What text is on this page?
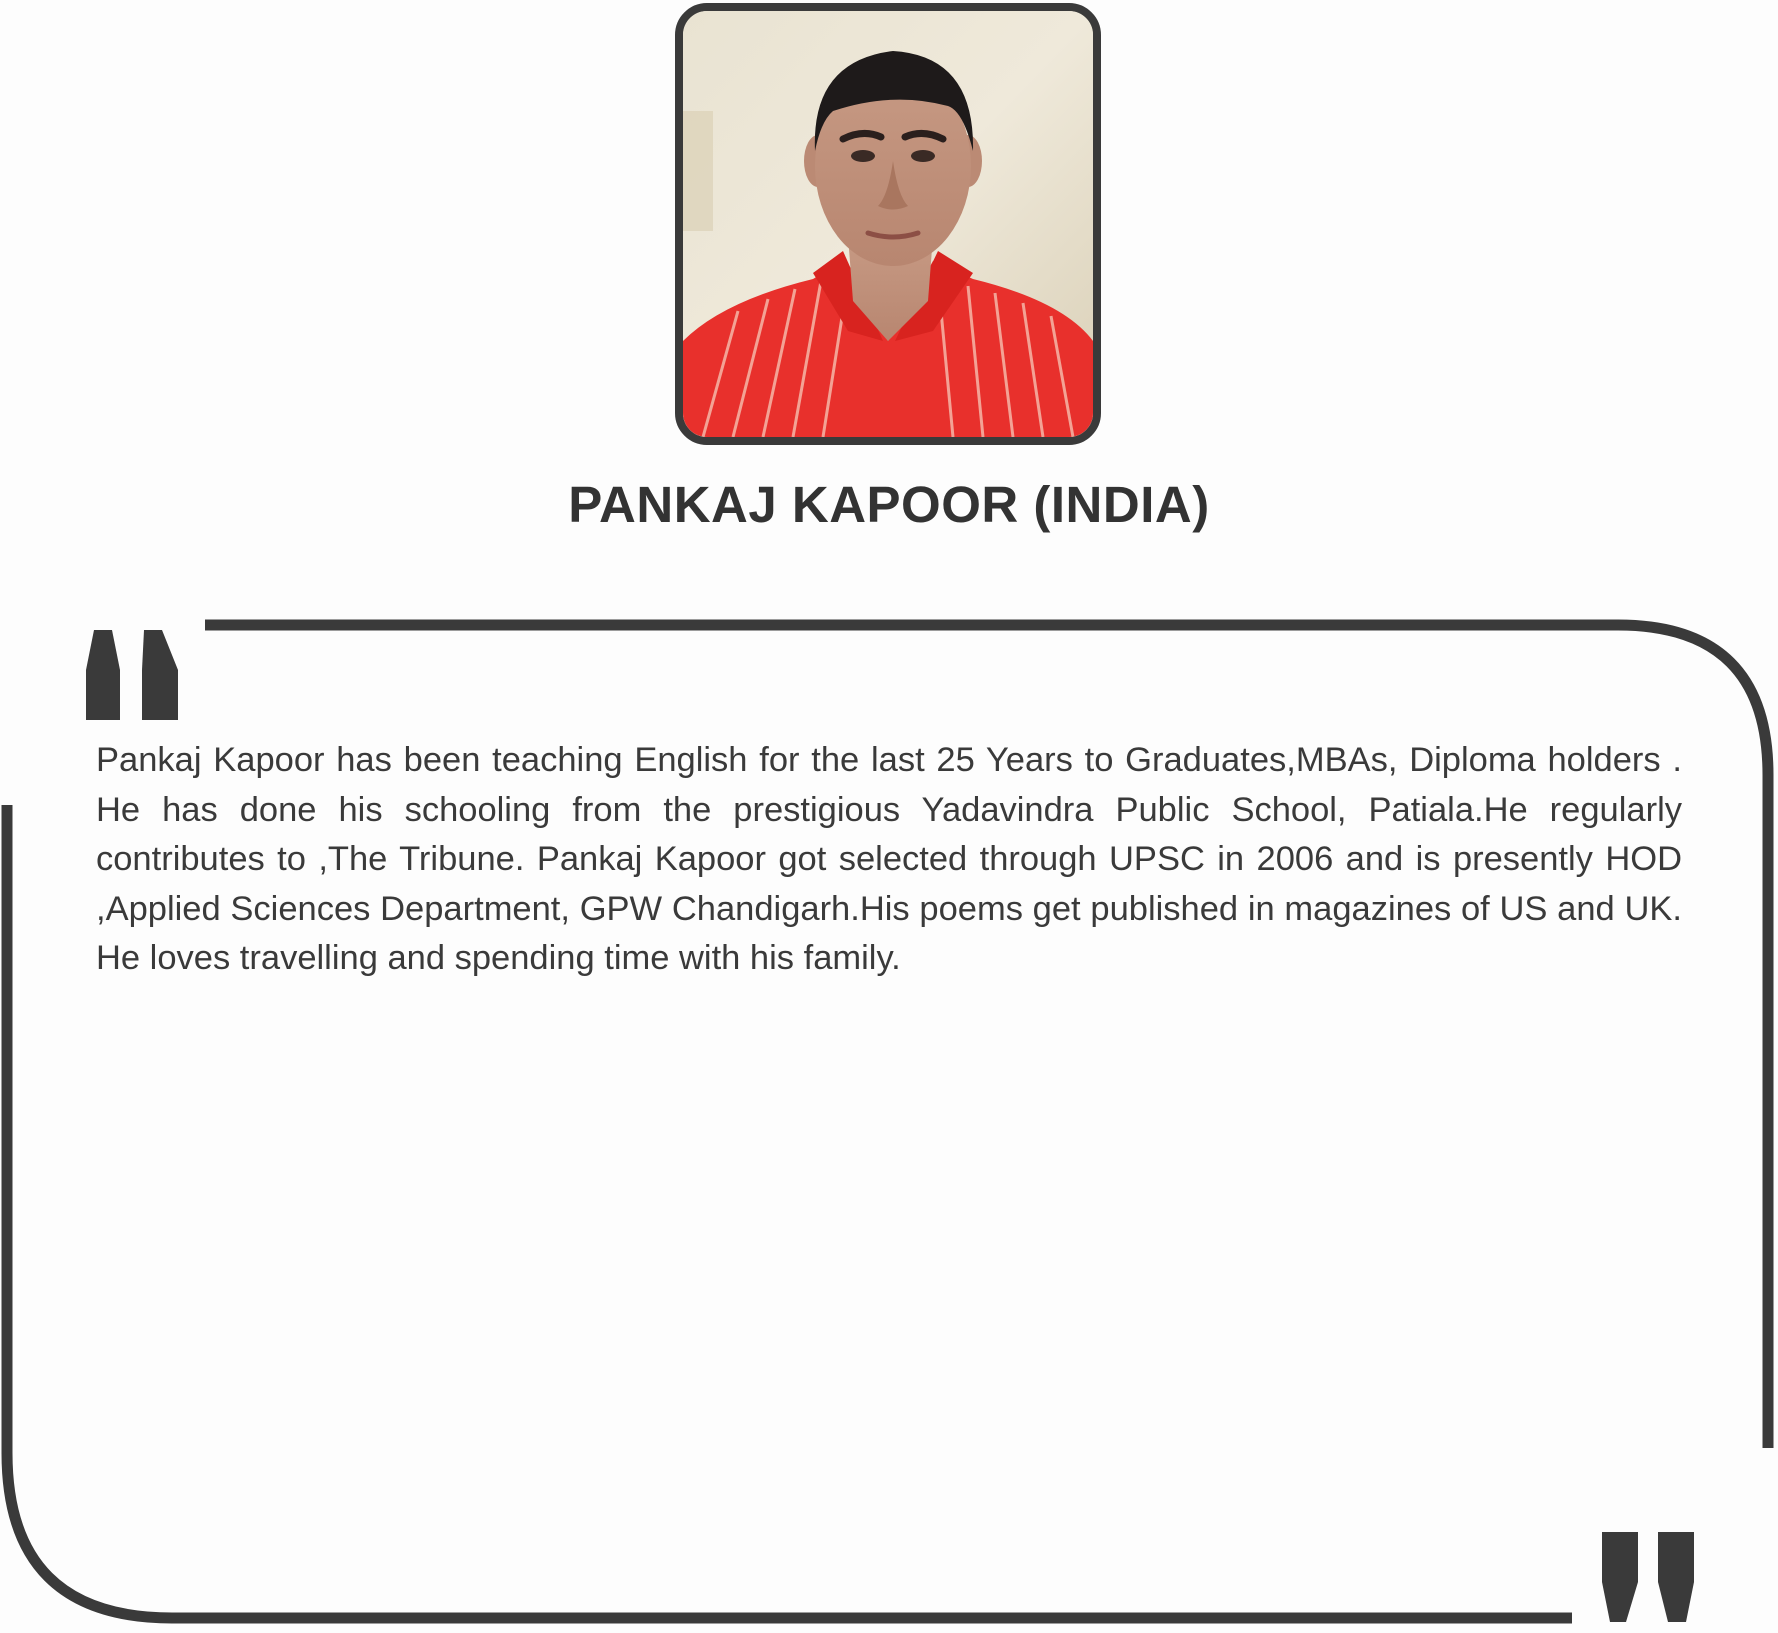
PANKAJ KAPOOR (INDIA)

Pankaj Kapoor has been teaching English for the last 25 Years to Graduates,MBAs, Diploma holders . He has done his schooling from the prestigious Yadavindra Public School, Patiala.He regularly contributes to ,The Tribune. Pankaj Kapoor got selected through UPSC in 2006 and is presently HOD ,Applied Sciences Department, GPW Chandigarh.His poems get published in magazines of US and UK. He loves travelling and spending time with his family.
